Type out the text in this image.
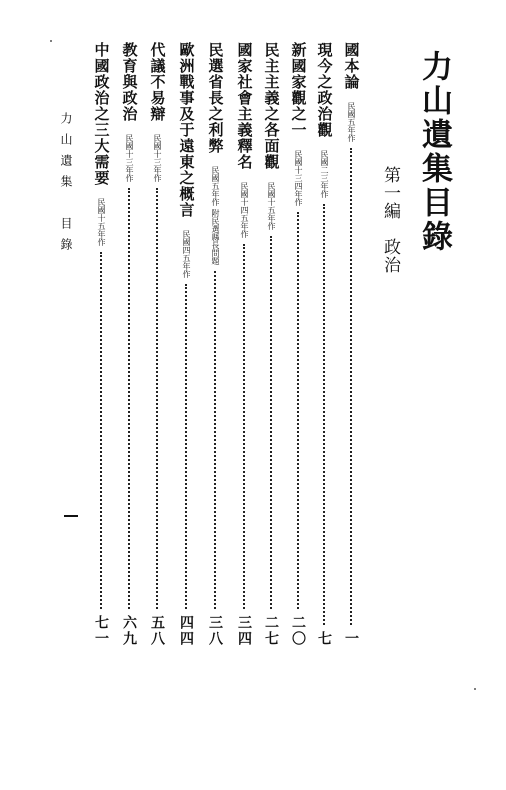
力山遺集目錄
第一編　政治
國本論
民國五年作
一
現今之政治觀
民國二三年作
七
新國家觀之一
民國十三四年作
二〇
民主主義之各面觀
民國十五年作
二七
國家社會主義釋名
民國十四五年作
三四
民選省長之利弊
民國五年作
附民選縣長問題
三八
歐洲戰事及于遠東之概言
民國四五年作
四四
代議不易辯
民國十三年作
五八
教育與政治
民國十三年作
六九
中國政治之三大需要
民國十五年作
七一
力山遺集　目錄
